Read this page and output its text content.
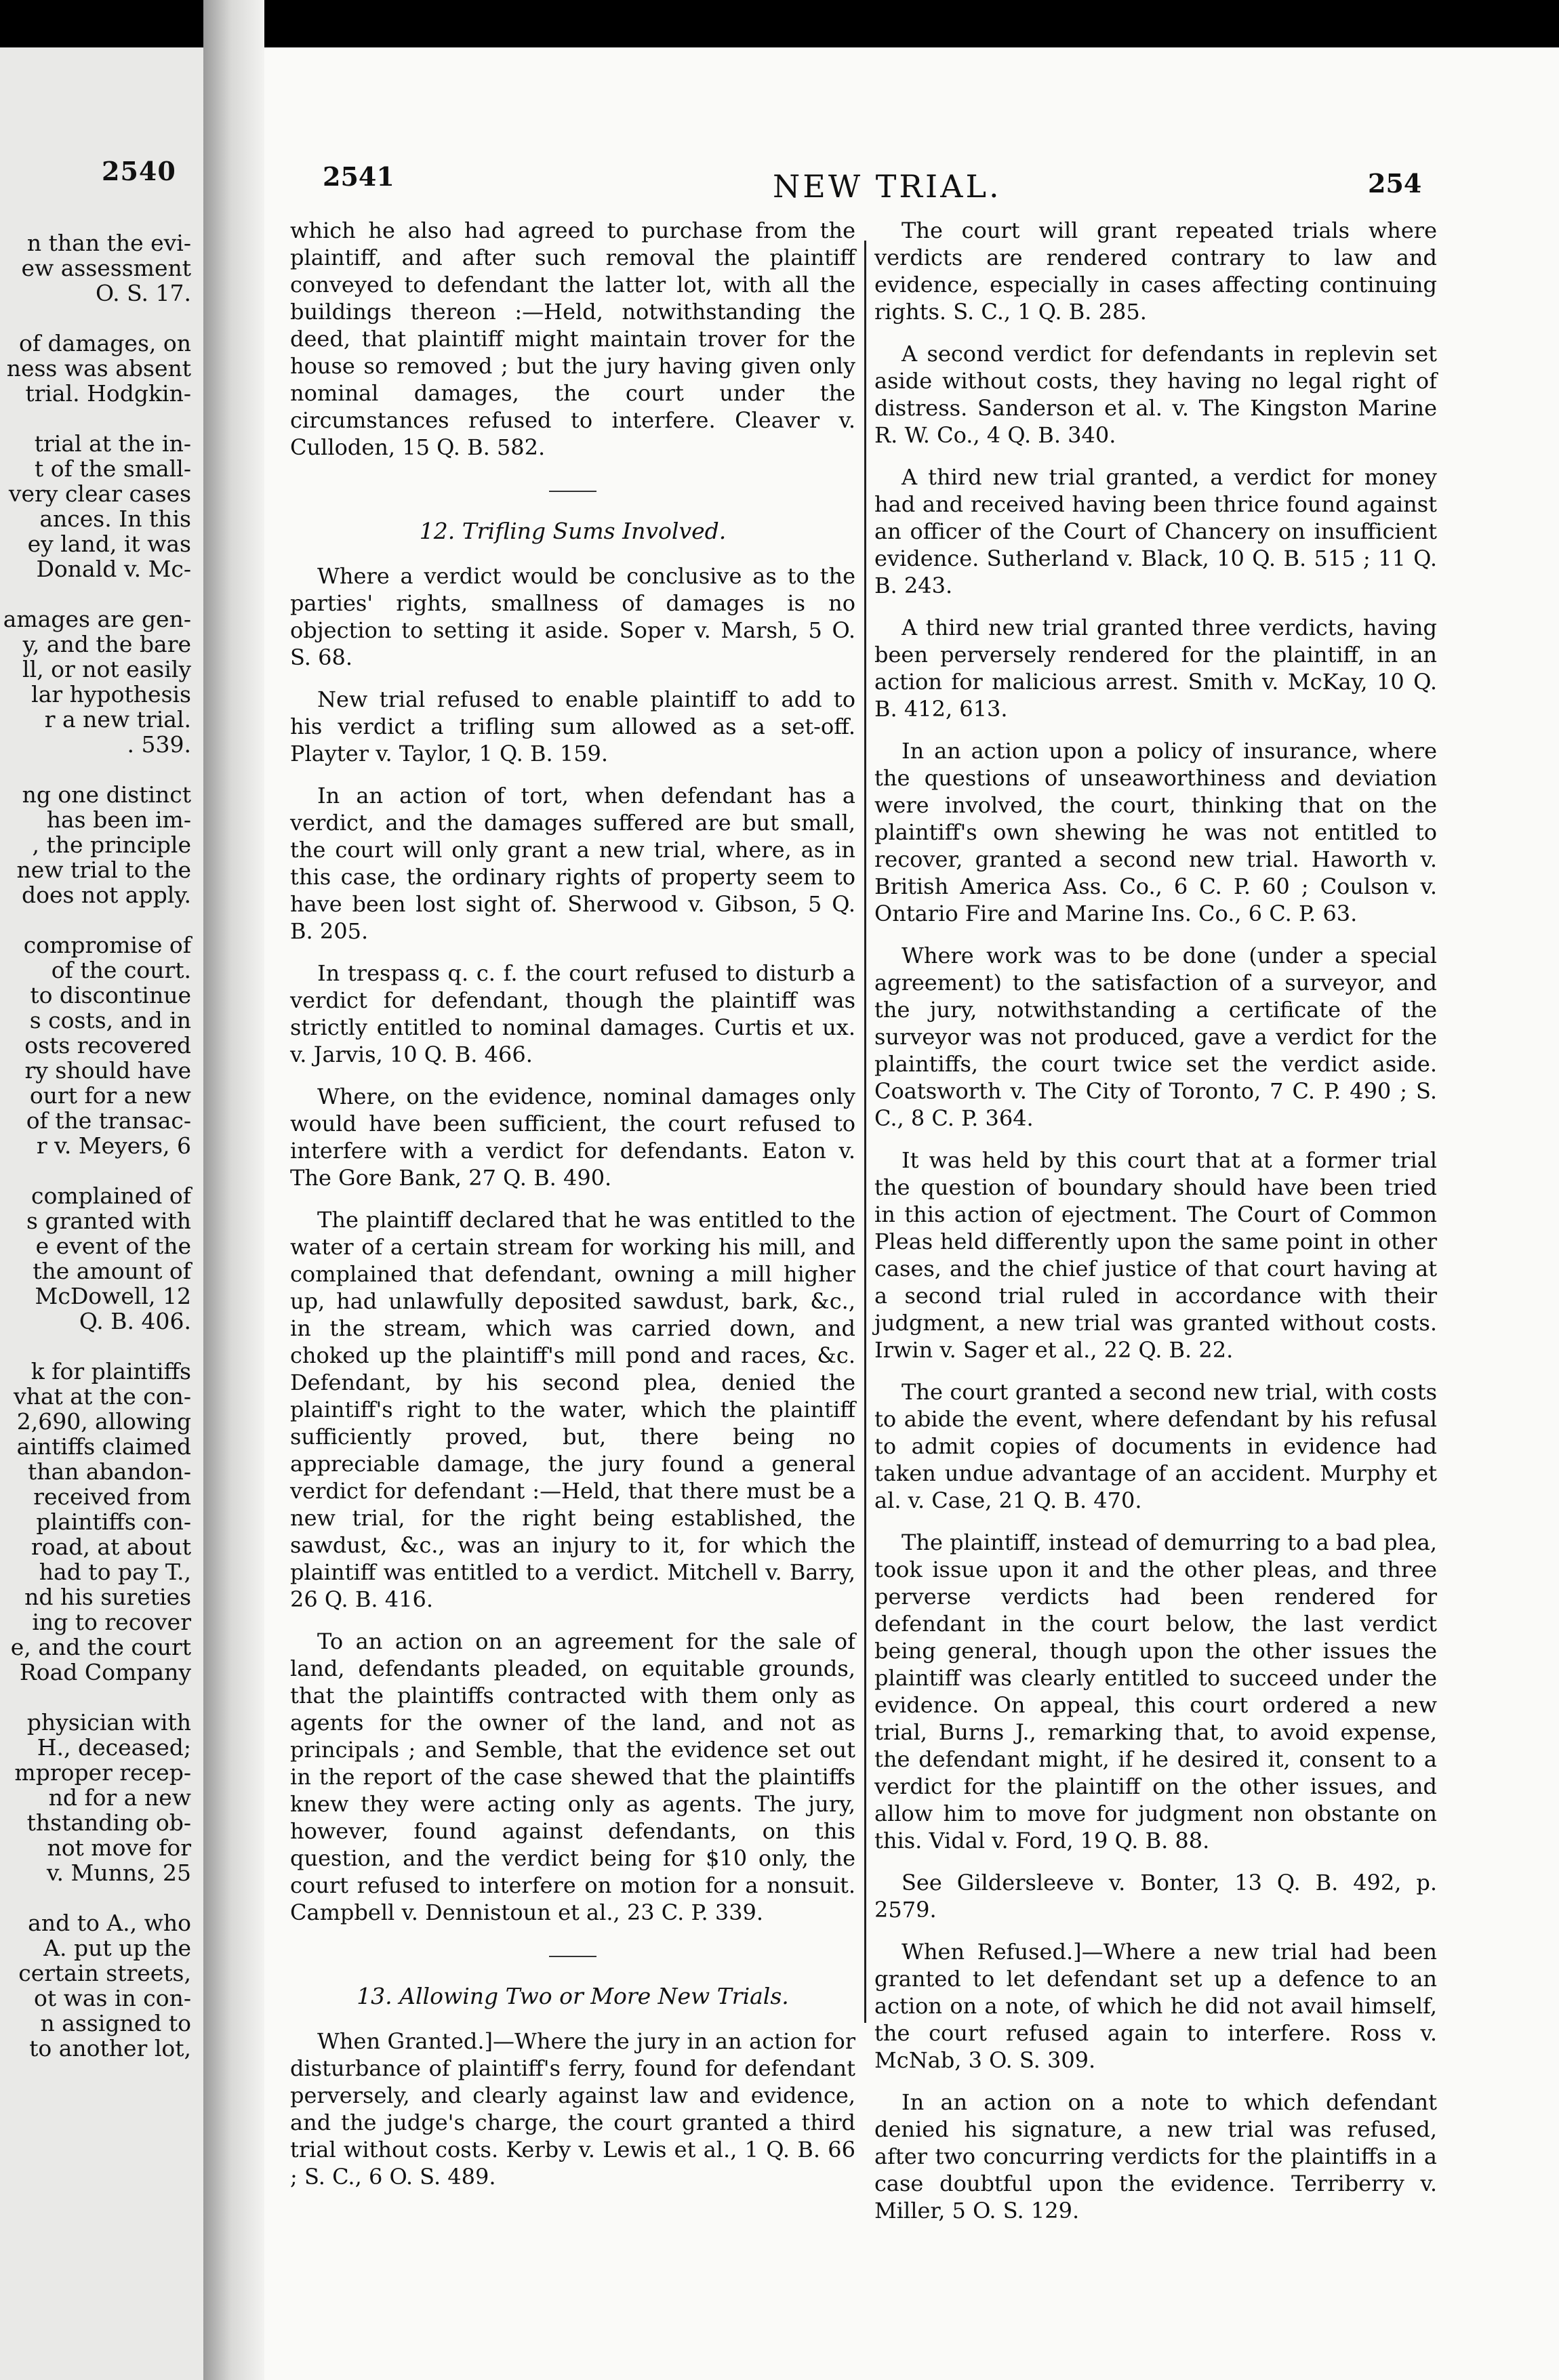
2540
n than the evi-
ew assessment
O. S. 17.
of damages, on
ness was absent
trial. Hodgkin-
trial at the in-
t of the small-
very clear cases
ances. In this
ey land, it was
Donald v. Mc-
amages are gen-
y, and the bare
ll, or not easily
lar hypothesis
r a new trial.
. 539.
ng one distinct
has been im-
, the principle
new trial to the
does not apply.
compromise of
of the court.
to discontinue
s costs, and in
osts recovered
ry should have
ourt for a new
of the transac-
r v. Meyers, 6
complained of
s granted with
e event of the
the amount of
McDowell, 12
Q. B. 406.
k for plaintiffs
vhat at the con-
2,690, allowing
aintiffs claimed
than abandon-
received from
plaintiffs con-
road, at about
had to pay T.,
nd his sureties
ing to recover
e, and the court
Road Company
physician with
H., deceased;
mproper recep-
nd for a new
thstanding ob-
not move for
v. Munns, 25
and to A., who
A. put up the
certain streets,
ot was in con-
n assigned to
to another lot,
2541	NEW TRIAL.	254

which he also had agreed to purchase from the plaintiff, and after such removal the plaintiff conveyed to defendant the latter lot, with all the buildings thereon :—Held, notwithstanding the deed, that plaintiff might maintain trover for the house so removed ; but the jury having given only nominal damages, the court under the circumstances refused to interfere. Cleaver v. Culloden, 15 Q. B. 582.

12. Trifling Sums Involved.

Where a verdict would be conclusive as to the parties' rights, smallness of damages is no objection to setting it aside. Soper v. Marsh, 5 O. S. 68.

New trial refused to enable plaintiff to add to his verdict a trifling sum allowed as a set-off. Playter v. Taylor, 1 Q. B. 159.

In an action of tort, when defendant has a verdict, and the damages suffered are but small, the court will only grant a new trial, where, as in this case, the ordinary rights of property seem to have been lost sight of. Sherwood v. Gibson, 5 Q. B. 205.

In trespass q. c. f. the court refused to disturb a verdict for defendant, though the plaintiff was strictly entitled to nominal damages. Curtis et ux. v. Jarvis, 10 Q. B. 466.

Where, on the evidence, nominal damages only would have been sufficient, the court refused to interfere with a verdict for defendants. Eaton v. The Gore Bank, 27 Q. B. 490.

The plaintiff declared that he was entitled to the water of a certain stream for working his mill, and complained that defendant, owning a mill higher up, had unlawfully deposited sawdust, bark, &c., in the stream, which was carried down, and choked up the plaintiff's mill pond and races, &c. Defendant, by his second plea, denied the plaintiff's right to the water, which the plaintiff sufficiently proved, but, there being no appreciable damage, the jury found a general verdict for defendant :—Held, that there must be a new trial, for the right being established, the sawdust, &c., was an injury to it, for which the plaintiff was entitled to a verdict. Mitchell v. Barry, 26 Q. B. 416.

To an action on an agreement for the sale of land, defendants pleaded, on equitable grounds, that the plaintiffs contracted with them only as agents for the owner of the land, and not as principals ; and Semble, that the evidence set out in the report of the case shewed that the plaintiffs knew they were acting only as agents. The jury, however, found against defendants, on this question, and the verdict being for $10 only, the court refused to interfere on motion for a nonsuit. Campbell v. Dennistoun et al., 23 C. P. 339.

13. Allowing Two or More New Trials.

When Granted.]—Where the jury in an action for disturbance of plaintiff's ferry, found for defendant perversely, and clearly against law and evidence, and the judge's charge, the court granted a third trial without costs. Kerby v. Lewis et al., 1 Q. B. 66 ; S. C., 6 O. S. 489.

The court will grant repeated trials where verdicts are rendered contrary to law and evidence, especially in cases affecting continuing rights. S. C., 1 Q. B. 285.

A second verdict for defendants in replevin set aside without costs, they having no legal right of distress. Sanderson et al. v. The Kingston Marine R. W. Co., 4 Q. B. 340.

A third new trial granted, a verdict for money had and received having been thrice found against an officer of the Court of Chancery on insufficient evidence. Sutherland v. Black, 10 Q. B. 515 ; 11 Q. B. 243.

A third new trial granted three verdicts, having been perversely rendered for the plaintiff, in an action for malicious arrest. Smith v. McKay, 10 Q. B. 412, 613.

In an action upon a policy of insurance, where the questions of unseaworthiness and deviation were involved, the court, thinking that on the plaintiff's own shewing he was not entitled to recover, granted a second new trial. Haworth v. British America Ass. Co., 6 C. P. 60 ; Coulson v. Ontario Fire and Marine Ins. Co., 6 C. P. 63.

Where work was to be done (under a special agreement) to the satisfaction of a surveyor, and the jury, notwithstanding a certificate of the surveyor was not produced, gave a verdict for the plaintiffs, the court twice set the verdict aside. Coatsworth v. The City of Toronto, 7 C. P. 490 ; S. C., 8 C. P. 364.

It was held by this court that at a former trial the question of boundary should have been tried in this action of ejectment. The Court of Common Pleas held differently upon the same point in other cases, and the chief justice of that court having at a second trial ruled in accordance with their judgment, a new trial was granted without costs. Irwin v. Sager et al., 22 Q. B. 22.

The court granted a second new trial, with costs to abide the event, where defendant by his refusal to admit copies of documents in evidence had taken undue advantage of an accident. Murphy et al. v. Case, 21 Q. B. 470.

The plaintiff, instead of demurring to a bad plea, took issue upon it and the other pleas, and three perverse verdicts had been rendered for defendant in the court below, the last verdict being general, though upon the other issues the plaintiff was clearly entitled to succeed under the evidence. On appeal, this court ordered a new trial, Burns J., remarking that, to avoid expense, the defendant might, if he desired it, consent to a verdict for the plaintiff on the other issues, and allow him to move for judgment non obstante on this. Vidal v. Ford, 19 Q. B. 88.

See Gildersleeve v. Bonter, 13 Q. B. 492, p. 2579.

When Refused.]—Where a new trial had been granted to let defendant set up a defence to an action on a note, of which he did not avail himself, the court refused again to interfere. Ross v. McNab, 3 O. S. 309.

In an action on a note to which defendant denied his signature, a new trial was refused, after two concurring verdicts for the plaintiffs in a case doubtful upon the evidence. Terriberry v. Miller, 5 O. S. 129.
